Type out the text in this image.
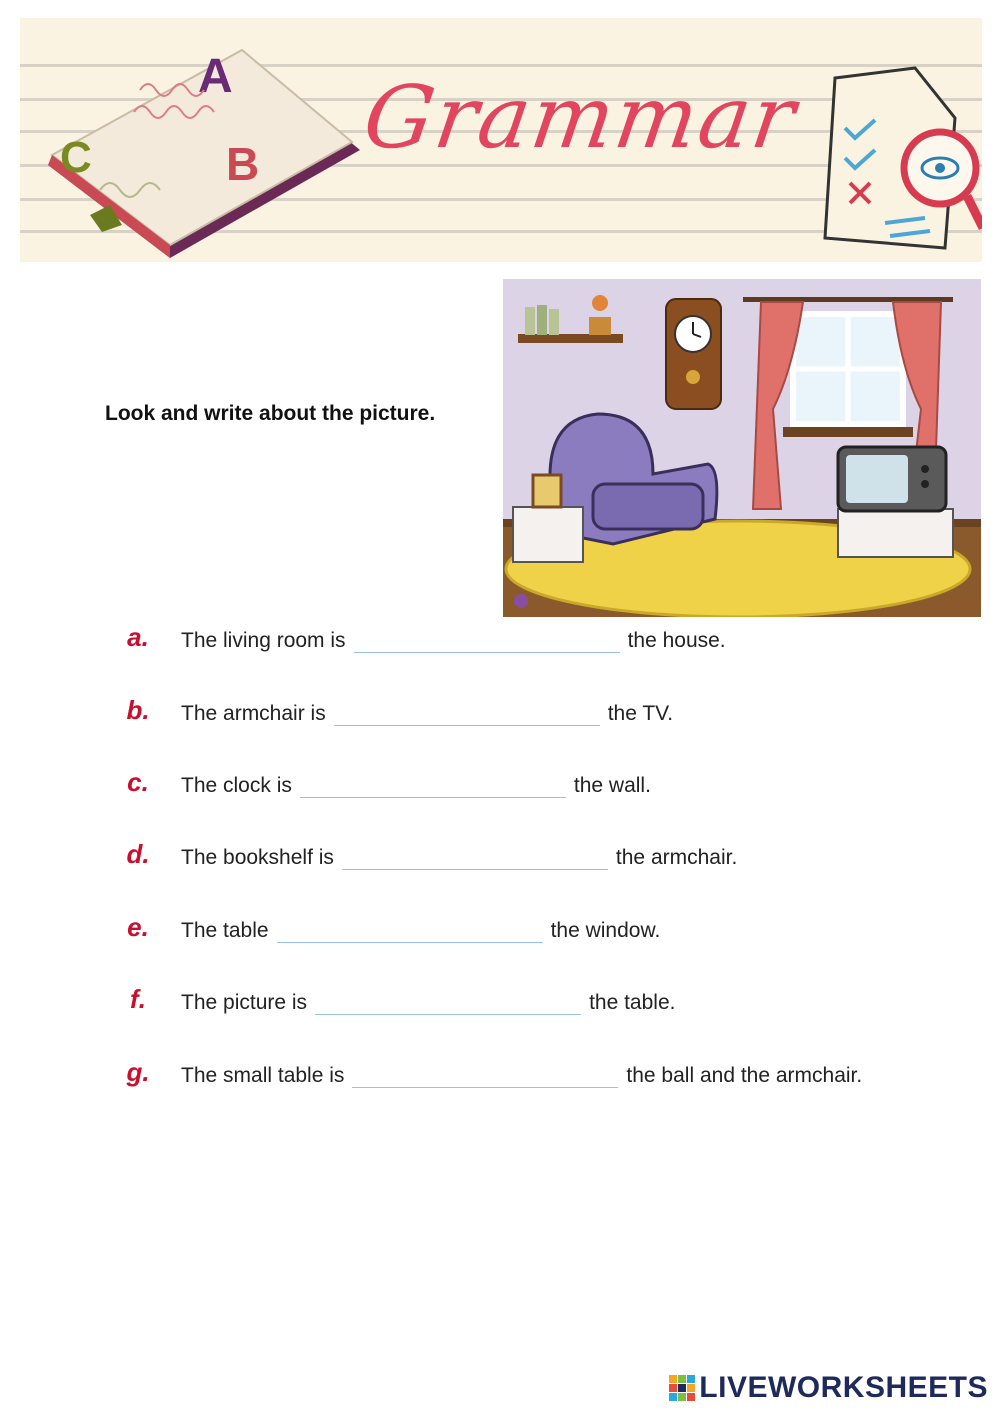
A
B
C	Grammar
Look and write about the picture.
a.	The living room is	the house.
b.	The armchair is	the TV.
c.	The clock is	the wall.
d.	The bookshelf is	the armchair.
e.	The table	the window.
f.	The picture is	the table.
g.	The small table is	the ball and the armchair.
LIVEWORKSHEETS
